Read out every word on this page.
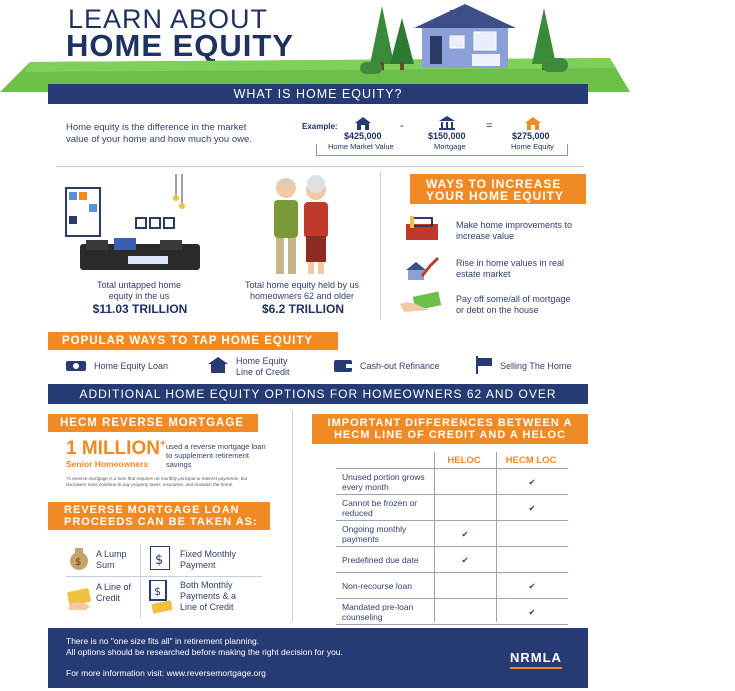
LEARN ABOUT
HOME EQUITY
WHAT IS HOME EQUITY?
Home equity is the difference in the market value of your home and how much you owe.
Example:
$425,000
Home Market Value
-
$150,000
Mortgage
=
$275,000
Home Equity
Total untapped home equity in the us
$11.03 TRILLION
Total home equity held by us homeowners 62 and older
$6.2 TRILLION
WAYS TO INCREASE
YOUR HOME EQUITY
Make home improvements to increase value
Rise in home values in real estate market
Pay off some/all of mortgage or debt on the house
POPULAR WAYS TO TAP HOME EQUITY
Home Equity Loan	Home Equity Line of Credit
Cash-out Refinance	Selling The Home
ADDITIONAL HOME EQUITY OPTIONS FOR HOMEOWNERS 62 AND OVER
HECM REVERSE MORTGAGE
1 MILLION+
Senior Homeowners
used a reverse mortgage loan to supplement retirement savings
*A reverse mortgage is a loan that requires no monthly principal or interest payments, but borrowers must continue to pay property taxes, insurance, and maintain the home.
REVERSE MORTGAGE LOAN
PROCEEDS CAN BE TAKEN AS:
$
A Lump Sum	$ Fixed Monthly Payment
A Line of Credit	$ Both Monthly Payments & a Line of Credit
IMPORTANT DIFFERENCES BETWEEN A
HECM LINE OF CREDIT AND A HELOC
HELOC	HECM LOC
Unused portion grows every month		✔
Cannot be frozen or reduced		✔
Ongoing monthly payments	✔	
Predefined due date	✔	
Non-recourse loan		✔
Mandated pre-loan counseling		✔
There is no "one size fits all" in retirement planning.
All options should be researched before making the right decision for you.
For more information visit: www.reversemortgage.org
NRMLA
